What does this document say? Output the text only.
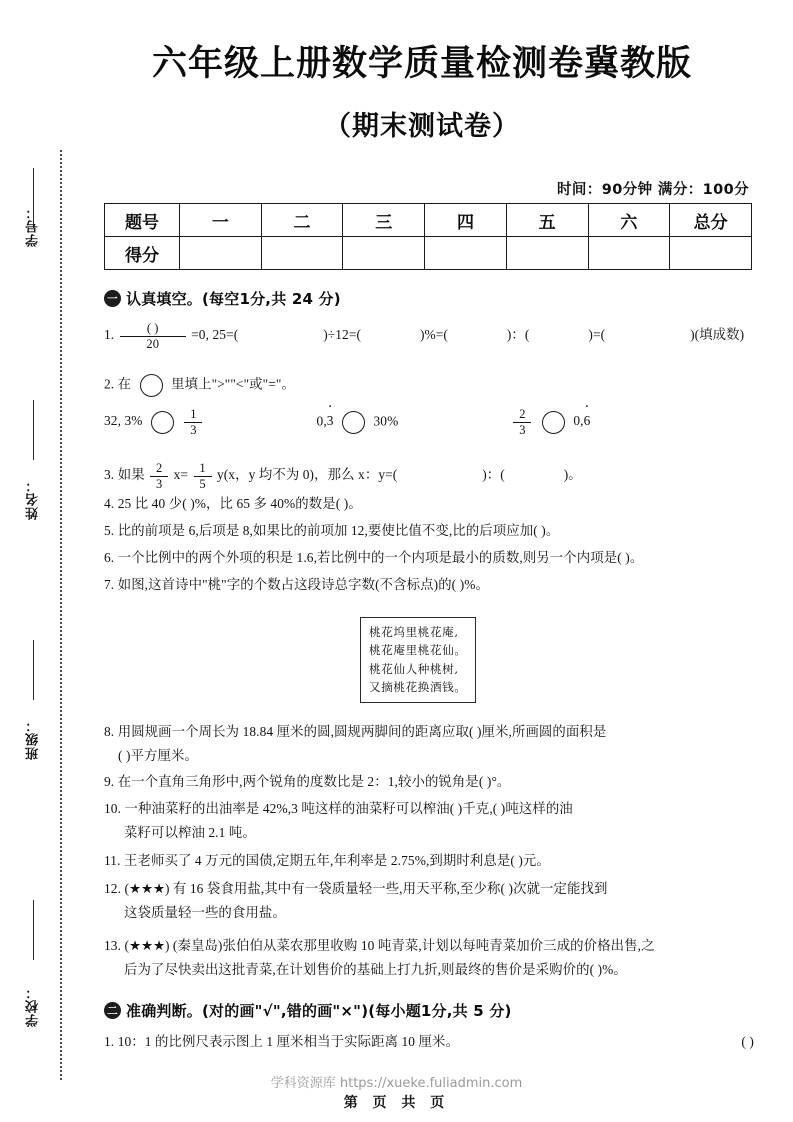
学号：
姓名：
班级：
学校：
六年级上册数学质量检测卷冀教版
（期末测试卷）
时间：90分钟 满分：100分
题号	一	二	三	四	五	六	总分
得分							
一 认真填空。(每空1分,共 24 分)
1. $\frac{( )}{20} =0$, 25=(	)÷12=(	)%=(	)：(	)=(	)(填成数)
2. 在	里填上">""<"或"="。
32, 3%	$\frac{1}{3}$	0,3 ·	30%	$\frac{2}{3}$	0,6 ·
3. 如果 $\frac{2}{3} x= \frac{1}{5} y(x$，y 均不为 0)，那么 x：y=(	)：(	)。
4. 25 比 40 少( )%，比 65 多 40%的数是( )。
5. 比的前项是 6,后项是 8,如果比的前项加 12,要使比值不变,比的后项应加( )。
6. 一个比例中的两个外项的积是 1.6,若比例中的一个内项是最小的质数,则另一个内项是( )。
7. 如图,这首诗中"桃"字的个数占这段诗总字数(不含标点)的( )%。
桃花坞里桃花庵,
桃花庵里桃花仙。
桃花仙人种桃树,
又摘桃花换酒钱。
8. 用圆规画一个周长为 18.84 厘米的圆,圆规两脚间的距离应取( )厘米,所画圆的面积是
( )平方厘米。
9. 在一个直角三角形中,两个锐角的度数比是 2：1,较小的锐角是( )°。
10. 一种油菜籽的出油率是 42%,3 吨这样的油菜籽可以榨油( )千克,( )吨这样的油
菜籽可以榨油 2.1 吨。
11. 王老师买了 4 万元的国债,定期五年,年利率是 2.75%,到期时利息是( )元。
12. (★★★) 有 16 袋食用盐,其中有一袋质量轻一些,用天平称,至少称( )次就一定能找到
这袋质量轻一些的食用盐。
13. (★★★) (秦皇岛)张伯伯从菜农那里收购 10 吨青菜,计划以每吨青菜加价三成的价格出售,之
后为了尽快卖出这批青菜,在计划售价的基础上打九折,则最终的售价是采购价的( )%。
二 准确判断。(对的画"√",错的画"×")(每小题1分,共 5 分)
1. 10：1 的比例尺表示图上 1 厘米相当于实际距离 10 厘米。	( )
学科资源库 https://xueke.fuliadmin.com
第 页 共 页
